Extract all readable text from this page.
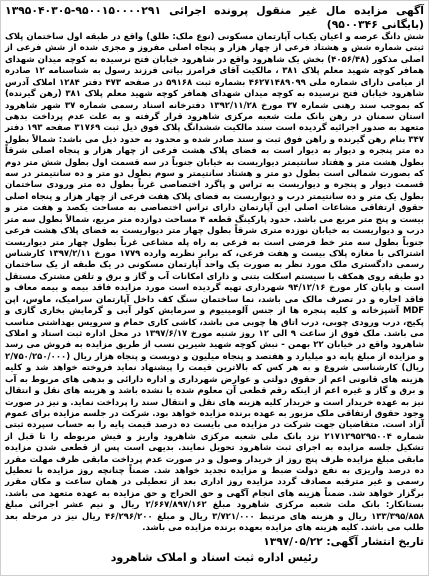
آگهی مزایده مال غیر منقول پرونده اجرائی ۹۵۰۰۱۵۰۰۰۰۲۹۱-۱۳۹۵۰۴۰۳۰۵ (بایگانی ۹۵۰۰۳۴۶)

شش دانگ عرصه و اعیان یکباب آپارتمان مسکونی (نوع ملک: طلق) واقع در طبقه اول ساختمان پلاک ثبتی شماره شش و هشتاد فرعی از چهار هزار و پنجاه اصلی مفروز و مجزی شده از شش فرعی از اصلی مذکور (۴۰۵۶/۴۸) بخش یک شاهرود واقع در شاهرود خیابان فتح نرسیده به کوچه میدان شهدای همافر کوچه شهید معلم پلاک ۳۸۱ ، مالکیت آقای فرامرز بیاتی فرزند رسول به شناسنامه ۱۲ صادره از میامی دارای شماره ملی ۴۶۲۷۱۴۸۹۰۹۹ بشماره ثبت ۵۹۱۶۸ در صفحه ۴۷۳ دفتر ۱۲۸۴ املاک آدرس شاهرود خیابان فتح نرسیده به کوچه میدان شهدای همافر کوچه شهید معلم پلاک ۳۸۱ (رهن گیرنده) که بموجب سند رهنی شماره ۳۷ مورخ ۱۳۹۲/۱۱/۲۸ دفترخانه اسناد رسمی شماره ۳۷ شهر شاهرود استان سمنان در رهن بانک ملت شعبه مرکزی شاهرود قرار گرفته و به علت عدم پرداخت بدهی متعهد به صدور اجرائیه گردیده است سند مالکیت ششدانگ پلاک فوق ذیل ثبت ۳۱۷۶۹ صفحه ۱۹۳ دفتر ۳۴۷ بنام رهن گیرنده و راهن فوق ثبت و سند صادر شده و محدود به حدود ذیل می باشد: شمالاً بطول ده متر پنجره و دیوار به دیوار است به فضای پلاک هشت فرعی از چهار هزار و پنجاه اصلی شرقاً بطول هشت متر و هفتاد سانتیمتر دیواریست به خیابان جنوباً در سه قسمت اول بطول شش متر دوم که بصورت شمالی است بطول دو متر و هشتاد سانتیمتر و سوم بطول دو متر و ده سانتیمتر در سه قسمت دیوار و پنجره و دیواریست به تراس و پاگرد اختصاصی غرباً بطول ده متر ورودی ساختمان بطول یک متر و ده سانتیمتر درب و دیواریست به فضای پلاک هفت فرعی از چهار هزار و پنجاه اصلی حقوق ارتفاقی مشاعات اصلی این آپارتمان دارای تراس اختصاصی به مساحت یکصد و هفت متر و بیست و پنج متر مربع می باشد. حدود پارکینگ قطعه ۴ مساحت دوازده متر مربع، شمالاً بطول سه متر درب و دیواریست به خیابان نوزده متری شرقاً بطول چهار متر دیواریست به فضای پلاک هشت فرعی جنوباً بطول سه متر خط فرضی است به فرعی به راه پله مشاعی غرباً بطول چهار متر دیواریست اشتراکی با مغازه پلاک بیست و هفت فرعی، که برابر نظریه وارده ۱۷۷۹ مورخ ۱۳۹۷/۲/۱۱ کارشناس رسمی دادگستری ملک مورد نظر به صورت یک واحد آپارتمان مسکونی در یک طبقه از یک ساختمان دو طبقه روی همکف با سیستم اسکلت بتنی و دارای امکانات آب و گاز و برق و تلفن مشترک مستقل است و پایان کار مورخ ۹۴/۱۲/۱۶ شهرداری تهیه گردیده است مورد مزایده فاقد بیمه و بیمه معاف و فاقد اجاره و در تصرف مالک می باشد، نما ساختمان سنگ کف داخل آپارتمان سرامیک، ماوس، اپن MDF آشپزخانه و کلیه پنجره ها از جنس آلومینیوم و سرمایش کولر آبی و گرمایش بخاری گازی و پکیج، درب ورودی چوبی، درب اتاق ها چوبی می باشد، کاشی کاری حمام و سرویس بهداشتی مناسب می باشد. ملک فوق از ساعت ۹ الی ۱۲ روز شنبه مورخ ۱۳۹۷/۶/۱۷ در محل اداره ثبت اسناد و املاک شاهرود واقع در خیابان ۲۲ بهمن - نبش کوچه شهید شیرین نسب از طریق مزایده به فروش می رسد و مزایده از مبلغ پایه دو میلیارد و هفتصد و پنجاه میلیون و دویست و پنجاه هزار ریال (۲/۷۵۰/۲۵۰/۰۰۰ ریال) کارشناسی شروع و به هر کس که بالاترین قیمت را پیشنهاد نماید فروخته خواهد شد و کلیه هزینه های قانونی اعم از حقوق دولتی و عوارض شهرداری و اداره دارائی و بدهی های مربوط به آب و برق و گاز و غیره اعم از اینکه رقم قطعی آن معلوم شده یا نشده باشد و هزینه های نقل و انتقال نیز به عهده خریدار است و خریدار کلیه هزینه های نقل و انتقال سند را پرداخت نماید. و نیز در صورت وجود حقوق ارتفاقی ملک مزبور به عهده برنده مزایده خواهد بود. شرکت در جلسه مزایده برای عموم آزاد است. متقاضیان جهت شرکت در مزایده می بایست ده درصد قیمت پایه را به حساب سپرده ثبتی شماره ۲۱۷۱۲۹۵۲۹۵۰۰۴ نزد بانک ملی شعبه مرکزی شاهرود واریز و فیش مربوطه را تا قبل از تشکیل جلسه مزایده به اجرای ثبت شاهرود تحویل نمایند. بدیهی است پس از قطعی شدن مزایده مابقی مبلغ مزایده ظرف پنج روز از خریدار وصول و در صورت عدم پرداخت مابقی ظرف مهلت مقرر ده درصد واریزی به نفع دولت ضبط و مزایده تجدید خواهد شد. ضمناً چنانچه روز مزایده با تعطیل رسمی و غیر مترقبه مصادف گردد مزایده روز اداری بعد از تعطیلی در همان ساعت و مکان مقرر برگزار خواهد شد. ضمناً هزینه های انجام آگهی و حق الحراج و حق مزایده به عهده متعهد می باشد. بستانکار: بانک ملت شعبه مرکزی شاهرود مبلغ ۲/۶۶۷/۸۹۷/۱۶۲ ریال و نیم عشر اجرائی مبلغ ۱۳۳/۳۹۵/۸۵۸ ریال و هزینه های مرتبط ۳/۷۲۱/۰۰۰ ریال و مبلغ ۴۶/۲۹۶/۲۰۰ ریال نیز در مرحله بعد طلب می باشد. کلیه هزینه های مزایده بعهده برنده مزایده می باشد.

تاریخ انتشار آگهی: ۱۳۹۷/۰۵/۲۲

رئیس اداره ثبت اسناد و املاک شاهرود
